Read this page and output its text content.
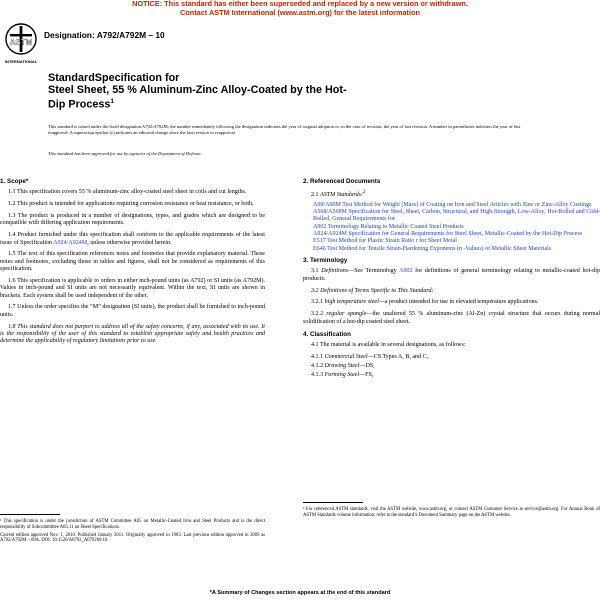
NOTICE: This standard has either been superseded and replaced by a new version or withdrawn.
Contact ASTM International (www.astm.org) for the latest information
ASTM
INTERNATIONAL
Designation: A792/A792M – 10
StandardSpecification for
Steel Sheet, 55 % Aluminum-Zinc Alloy-Coated by the Hot-
Dip Process$^1$
This standard is issued under the fixed designation A792/A792M; the number immediately following the designation indicates the year of original adoption or, in the case of revision, the year of last revision. A number in parentheses indicates the year of last reapproval. A superscript epsilon (ε) indicates an editorial change since the last revision or reapproval.
This standard has been approved for use by agencies of the Department of Defense.
1. Scope*
1.1 This specification covers 55 % aluminum-zinc alloy-coated steel sheet in coils and cut lengths.
1.2 This product is intended for applications requiring corrosion resistance or heat resistance, or both.
1.3 The product is produced in a number of designations, types, and grades which are designed to be compatible with differing application requirements.
1.4 Product furnished under this specification shall conform to the applicable requirements of the latest issue of Specification A924/A924M, unless otherwise provided herein.
1.5 The text of this specification references notes and footnotes that provide explanatory material. These notes and footnotes, excluding those in tables and figures, shall not be considered as requirements of this specification.
1.6 This specification is applicable to orders in either inch-pound units (as A792) or SI units (as A792M). Values in inch-pound and SI units are not necessarily equivalent. Within the text, SI units are shown in brackets. Each system shall be used independent of the other.
1.7 Unless the order specifies the “M” designation (SI units), the product shall be furnished to inch-pound units.
1.8 This standard does not purport to address all of the safety concerns, if any, associated with its use. It is the responsibility of the user of this standard to establish appropriate safety and health practices and determine the applicability of regulatory limitations prior to use.
2. Referenced Documents
2.1 ASTM Standards:$^2$
A90/A90M Test Method for Weight [Mass] of Coating on Iron and Steel Articles with Zinc or Zinc-Alloy Coatings
A568/A568M Specification for Steel, Sheet, Carbon, Structural, and High-Strength, Low-Alloy, Hot-Rolled and Cold-Rolled, General Requirements for
A902 Terminology Relating to Metallic Coated Steel Products
A924/A924M Specification for General Requirements for Steel Sheet, Metallic-Coated by the Hot-Dip Process
E517 Test Method for Plastic Strain Ratio r for Sheet Metal
E646 Test Method for Tensile Strain-Hardening Exponents (n -Values) of Metallic Sheet Materials
3. Terminology
3.1 Definitions—See Terminology A902 for definitions of general terminology relating to metallic-coated hot-dip products.
3.2 Definitions of Terms Specific to This Standard:
3.2.1 high temperature steel—a product intended for use in elevated temperature applications.
3.2.2 regular spangle—the unaltered 55 % aluminum-zinc (Al-Zn) crystal structure that occurs during normal solidification of a hot-dip coated steel sheet.
4. Classification
4.1 The material is available in several designations, as follows:
4.1.1 Commercial Steel—CS Types A, B, and C,
4.1.2 Drawing Steel—DS,
4.1.3 Forming Steel—FS,
¹ This specification is under the jurisdiction of ASTM Committee A05 on Metallic-Coated Iron and Steel Products and is the direct responsibility of Subcommittee A05.11 on Sheet Specifications.
Current edition approved Nov. 1, 2010. Published January 2011. Originally approved in 1983. Last previous edition approved in 2009 as A792/A792M – 09A. DOI: 10.1520/A0792_A0792M-10.
² For referenced ASTM standards, visit the ASTM website, www.astm.org, or contact ASTM Customer Service at service@astm.org. For Annual Book of ASTM Standards volume information, refer to the standard’s Document Summary page on the ASTM website.
*A Summary of Changes section appears at the end of this standard
